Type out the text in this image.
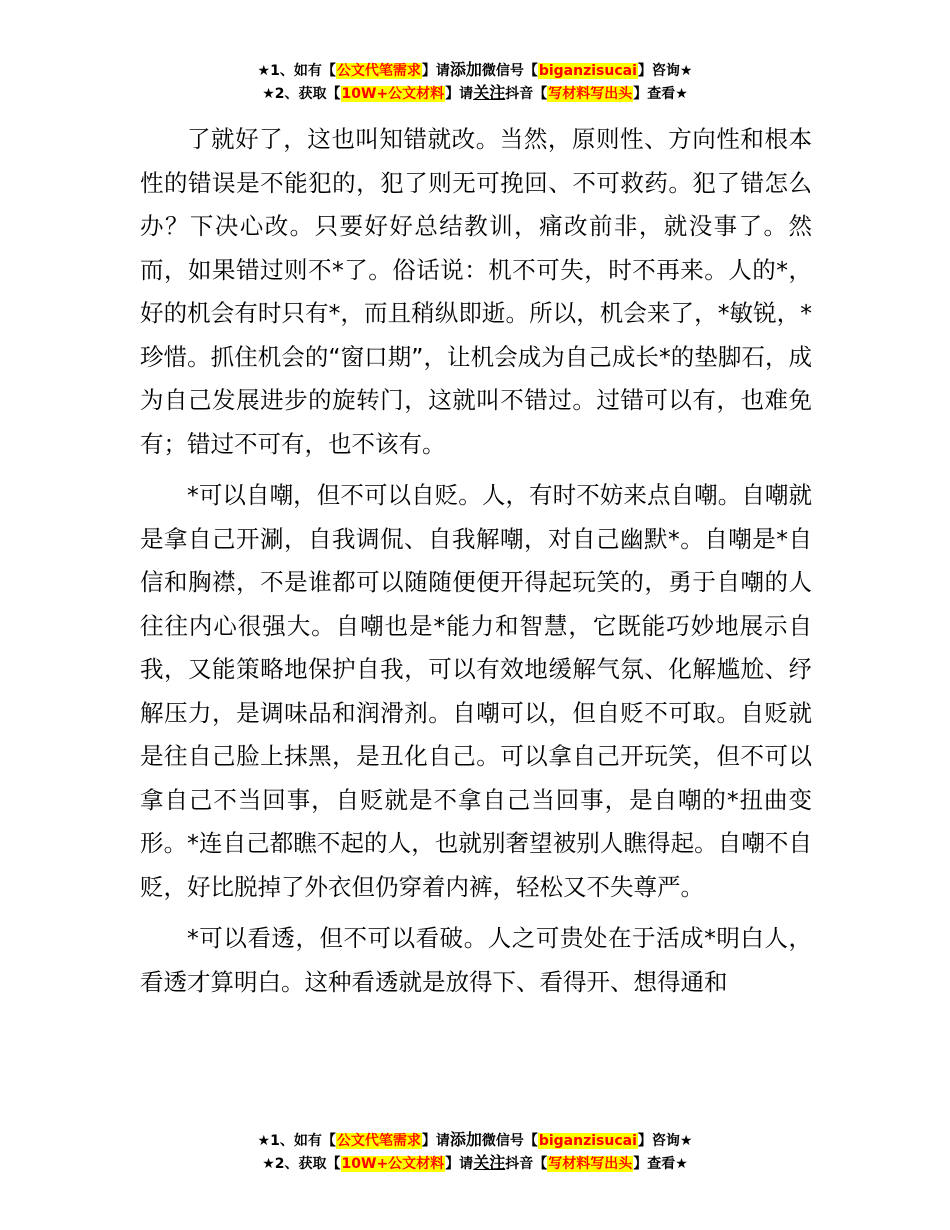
★1、如有【公文代笔需求】请添加微信号【biganzisucai】咨询★
★2、获取【10W+公文材料】请关注抖音【写材料写出头】查看★

了就好了，这也叫知错就改。当然，原则性、方向性和根本性的错误是不能犯的，犯了则无可挽回、不可救药。犯了错怎么办？下决心改。只要好好总结教训，痛改前非，就没事了。然而，如果错过则不*了。俗话说：机不可失，时不再来。人的*，好的机会有时只有*，而且稍纵即逝。所以，机会来了，*敏锐，*珍惜。抓住机会的“窗口期”，让机会成为自己成长*的垫脚石，成为自己发展进步的旋转门，这就叫不错过。过错可以有，也难免有；错过不可有，也不该有。

*可以自嘲，但不可以自贬。人，有时不妨来点自嘲。自嘲就是拿自己开涮，自我调侃、自我解嘲，对自己幽默*。自嘲是*自信和胸襟，不是谁都可以随随便便开得起玩笑的，勇于自嘲的人往往内心很强大。自嘲也是*能力和智慧，它既能巧妙地展示自我，又能策略地保护自我，可以有效地缓解气氛、化解尴尬、纾解压力，是调味品和润滑剂。自嘲可以，但自贬不可取。自贬就是往自己脸上抹黑，是丑化自己。可以拿自己开玩笑，但不可以拿自己不当回事，自贬就是不拿自己当回事，是自嘲的*扭曲变形。*连自己都瞧不起的人，也就别奢望被别人瞧得起。自嘲不自贬，好比脱掉了外衣但仍穿着内裤，轻松又不失尊严。

*可以看透，但不可以看破。人之可贵处在于活成*明白人，看透才算明白。这种看透就是放得下、看得开、想得通和

★1、如有【公文代笔需求】请添加微信号【biganzisucai】咨询★
★2、获取【10W+公文材料】请关注抖音【写材料写出头】查看★
